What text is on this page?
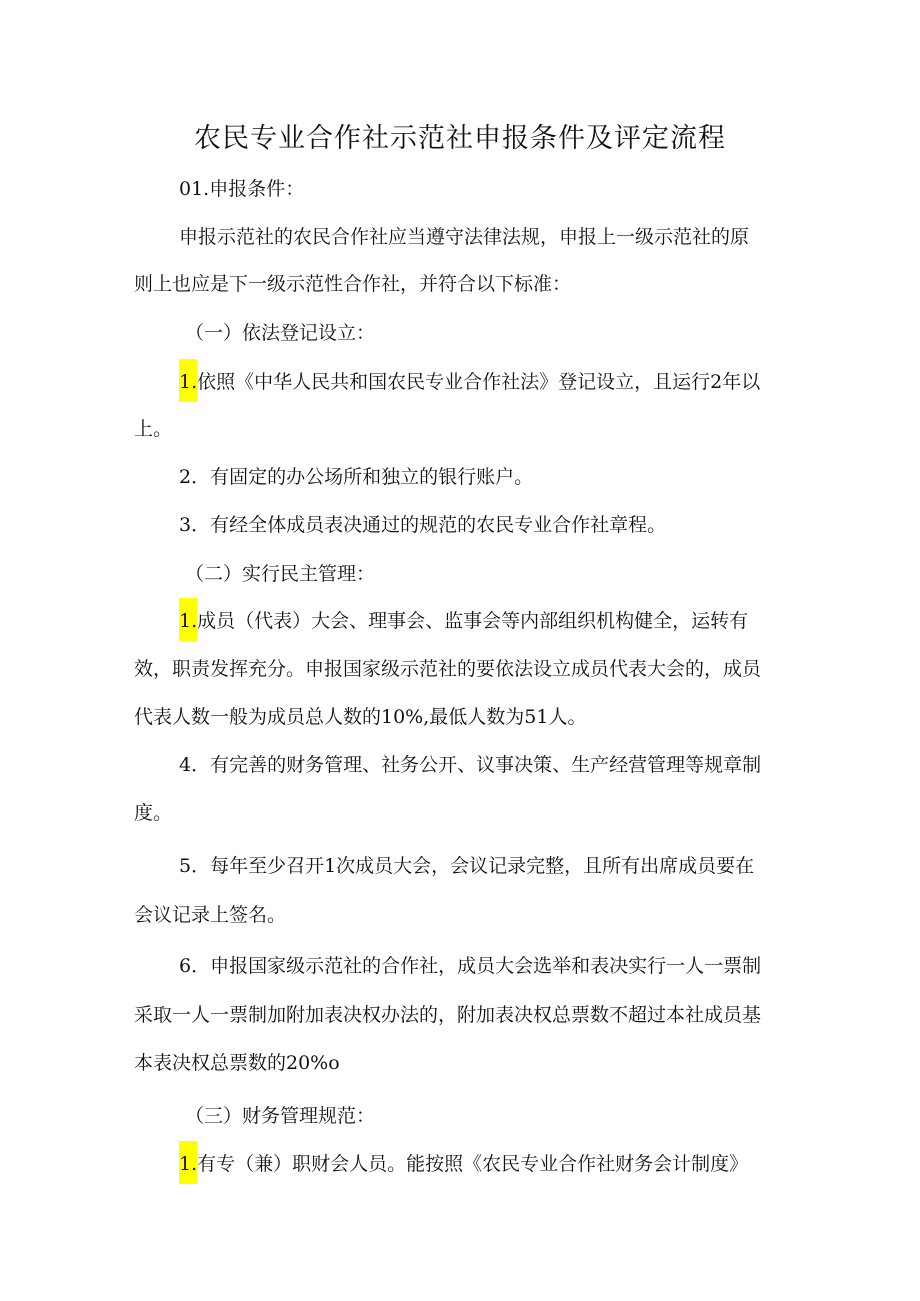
农民专业合作社示范社申报条件及评定流程
01.申报条件：
申报示范社的农民合作社应当遵守法律法规，申报上一级示范社的原
则上也应是下一级示范性合作社，并符合以下标准：
（一）依法登记设立：
1.依照《中华人民共和国农民专业合作社法》登记设立，且运行2年以
上。
2．有固定的办公场所和独立的银行账户。
3．有经全体成员表决通过的规范的农民专业合作社章程。
（二）实行民主管理：
1.成员（代表）大会、理事会、监事会等内部组织机构健全，运转有
效，职责发挥充分。申报国家级示范社的要依法设立成员代表大会的，成员
代表人数一般为成员总人数的10%,最低人数为51人。
4．有完善的财务管理、社务公开、议事决策、生产经营管理等规章制
度。
5．每年至少召开1次成员大会，会议记录完整，且所有出席成员要在
会议记录上签名。
6．申报国家级示范社的合作社，成员大会选举和表决实行一人一票制
采取一人一票制加附加表决权办法的，附加表决权总票数不超过本社成员基
本表决权总票数的20%o
（三）财务管理规范：
1.有专（兼）职财会人员。能按照《农民专业合作社财务会计制度》
